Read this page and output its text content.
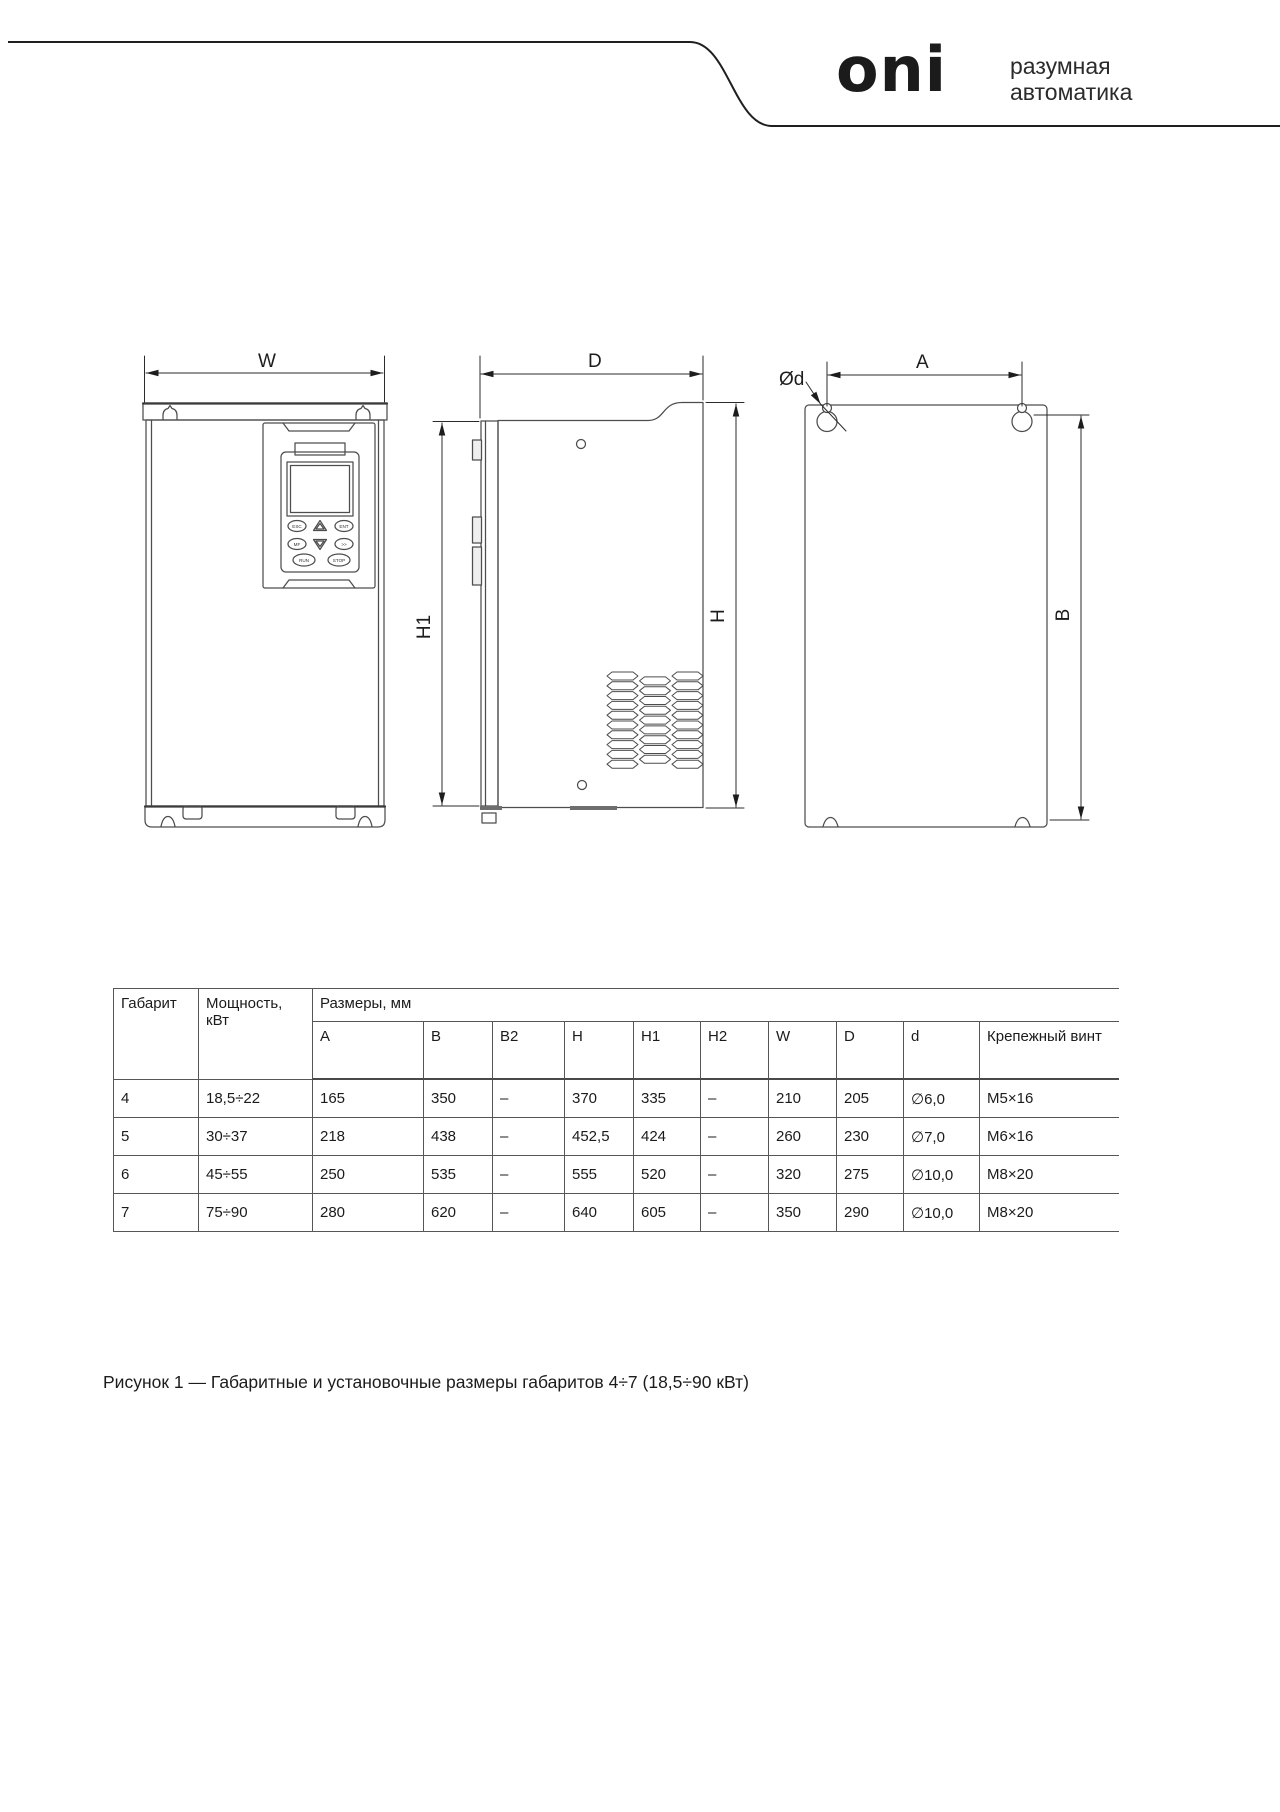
oni	разумная
автоматика
W
ESC	ENT
MF	>>
RUN	STOP
D
H1	H
A
Ød
B
Габарит	Мощность, кВт	Размеры, мм									
		A	B	B2	H	H1	H2	W	D	d	Крепежный винт
4	18,5÷22	165	350	–	370	335	–	210	205	∅6,0	М5×16
5	30÷37	218	438	–	452,5	424	–	260	230	∅7,0	М6×16
6	45÷55	250	535	–	555	520	–	320	275	∅10,0	М8×20
7	75÷90	280	620	–	640	605	–	350	290	∅10,0	М8×20

Рисунок 1 — Габаритные и установочные размеры габаритов 4÷7 (18,5÷90 кВт)
